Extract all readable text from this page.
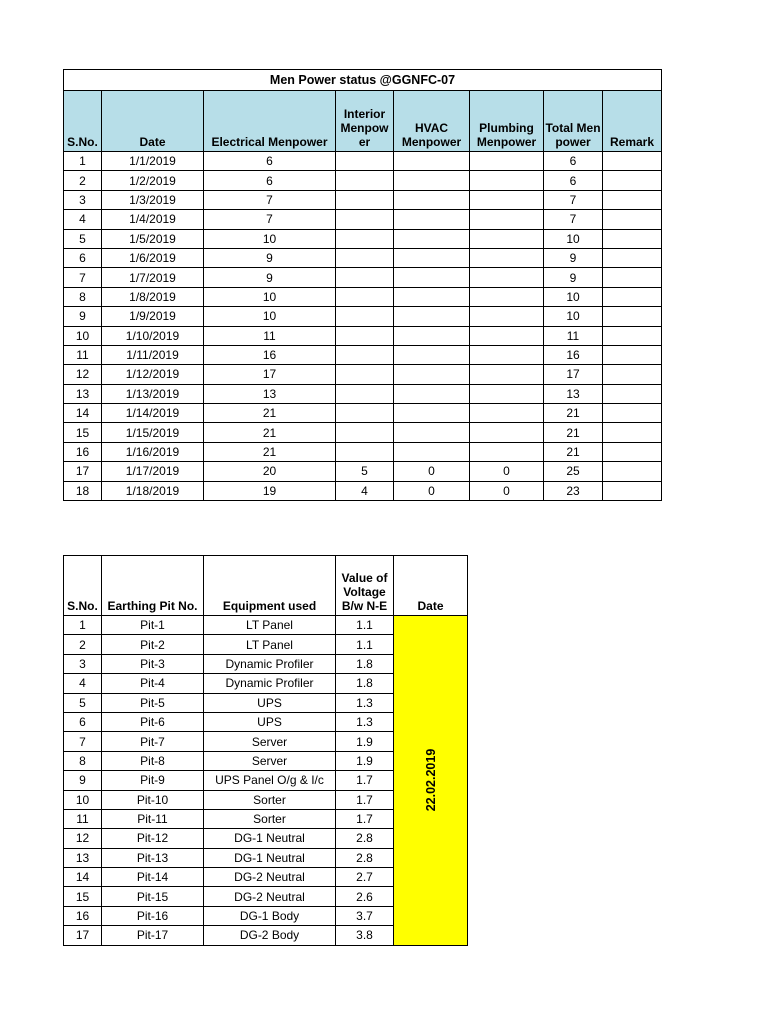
Men Power status @GGNFC-07							
S.No.	Date	Electrical Menpower	Interior Menpow er	HVAC Menpower	Plumbing Menpower	Total Men power	Remark
1	1/1/2019	6				6	
2	1/2/2019	6				6	
3	1/3/2019	7				7	
4	1/4/2019	7				7	
5	1/5/2019	10				10	
6	1/6/2019	9				9	
7	1/7/2019	9				9	
8	1/8/2019	10				10	
9	1/9/2019	10				10	
10	1/10/2019	11				11	
11	1/11/2019	16				16	
12	1/12/2019	17				17	
13	1/13/2019	13				13	
14	1/14/2019	21				21	
15	1/15/2019	21				21	
16	1/16/2019	21				21	
17	1/17/2019	20	5	0	0	25	
18	1/18/2019	19	4	0	0	23	
S.No.	Earthing Pit No.	Equipment used	Value of Voltage B/w N-E	Date
1	Pit-1	LT Panel	1.1	22.02.2019

2	Pit-2	LT Panel	1.1	
3	Pit-3	Dynamic Profiler	1.8	
4	Pit-4	Dynamic Profiler	1.8	
5	Pit-5	UPS	1.3	
6	Pit-6	UPS	1.3	
7	Pit-7	Server	1.9	
8	Pit-8	Server	1.9	
9	Pit-9	UPS Panel O/g & I/c	1.7	
10	Pit-10	Sorter	1.7	
11	Pit-11	Sorter	1.7	
12	Pit-12	DG-1 Neutral	2.8	
13	Pit-13	DG-1 Neutral	2.8	
14	Pit-14	DG-2 Neutral	2.7	
15	Pit-15	DG-2 Neutral	2.6	
16	Pit-16	DG-1 Body	3.7	
17	Pit-17	DG-2 Body	3.8	
